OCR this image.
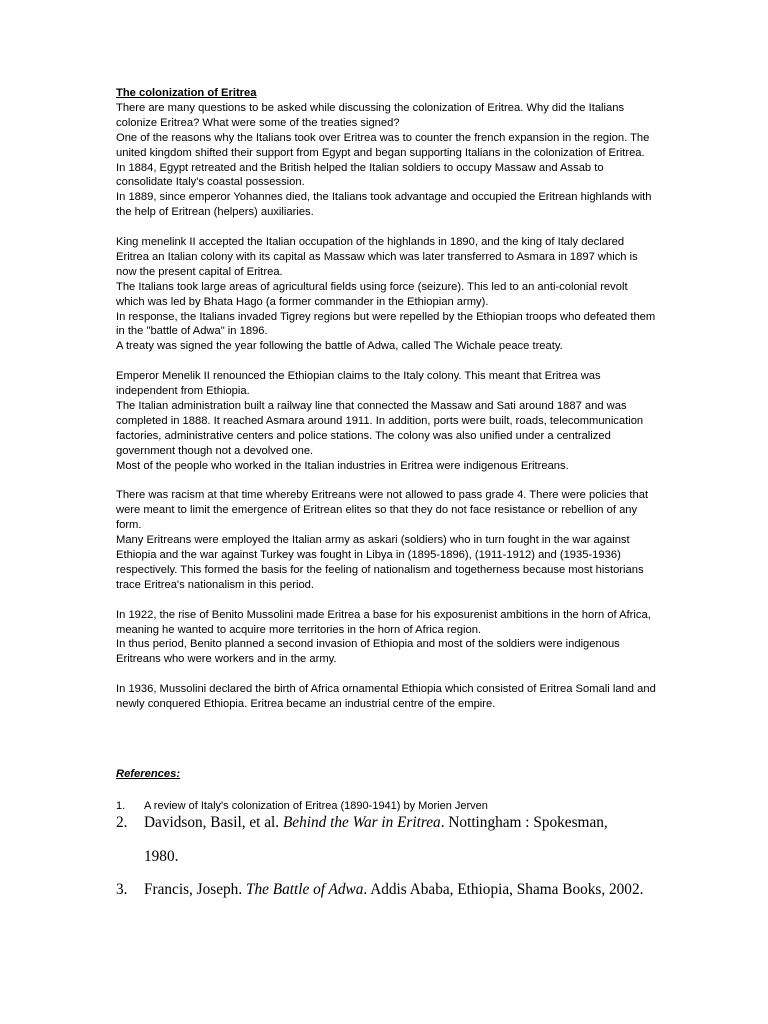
The colonization of Eritrea

There are many questions to be asked while discussing the colonization of Eritrea. Why did the Italians colonize Eritrea? What were some of the treaties signed?

One of the reasons why the Italians took over Eritrea was to counter the french expansion in the region. The united kingdom shifted their support from Egypt and began supporting Italians in the colonization of Eritrea.

In 1884, Egypt retreated and the British helped the Italian soldiers to occupy Massaw and Assab to consolidate Italy's coastal possession.

In 1889, since emperor Yohannes died, the Italians took advantage and occupied the Eritrean highlands with the help of Eritrean (helpers) auxiliaries.

King menelink II accepted the Italian occupation of the highlands in 1890, and the king of Italy declared Eritrea an Italian colony with its capital as Massaw which was later transferred to Asmara in 1897 which is now the present capital of Eritrea.

The Italians took large areas of agricultural fields using force (seizure). This led to an anti-colonial revolt which was led by Bhata Hago (a former commander in the Ethiopian army).

In response, the Italians invaded Tigrey regions but were repelled by the Ethiopian troops who defeated them in the "battle of Adwa" in 1896.

A treaty was signed the year following the battle of Adwa, called The Wichale peace treaty.

Emperor Menelik II renounced the Ethiopian claims to the Italy colony. This meant that Eritrea was independent from Ethiopia.

The Italian administration built a railway line that connected the Massaw and Sati around 1887 and was completed in 1888. It reached Asmara around 1911. In addition, ports were built, roads, telecommunication factories, administrative centers and police stations. The colony was also unified under a centralized government though not a devolved one.

Most of the people who worked in the Italian industries in Eritrea were indigenous Eritreans.

There was racism at that time whereby Eritreans were not allowed to pass grade 4. There were policies that were meant to limit the emergence of Eritrean elites so that they do not face resistance or rebellion of any form.

Many Eritreans were employed the Italian army as askari (soldiers) who in turn fought in the war against Ethiopia and the war against Turkey was fought in Libya in (1895-1896), (1911-1912) and (1935-1936) respectively. This formed the basis for the feeling of nationalism and togetherness because most historians trace Eritrea's nationalism in this period.

In 1922, the rise of Benito Mussolini made Eritrea a base for his exposurenist ambitions in the horn of Africa, meaning he wanted to acquire more territories in the horn of Africa region.

In thus period, Benito planned a second invasion of Ethiopia and most of the soldiers were indigenous Eritreans who were workers and in the army.

In 1936, Mussolini declared the birth of Africa ornamental Ethiopia which consisted of Eritrea Somali land and newly conquered Ethiopia. Eritrea became an industrial centre of the empire.

References:
1. A review of Italy's colonization of Eritrea (1890-1941) by Morien Jerven
2. Davidson, Basil, et al. Behind the War in Eritrea. Nottingham : Spokesman,
1980.
3. Francis, Joseph. The Battle of Adwa. Addis Ababa, Ethiopia, Shama Books, 2002.
